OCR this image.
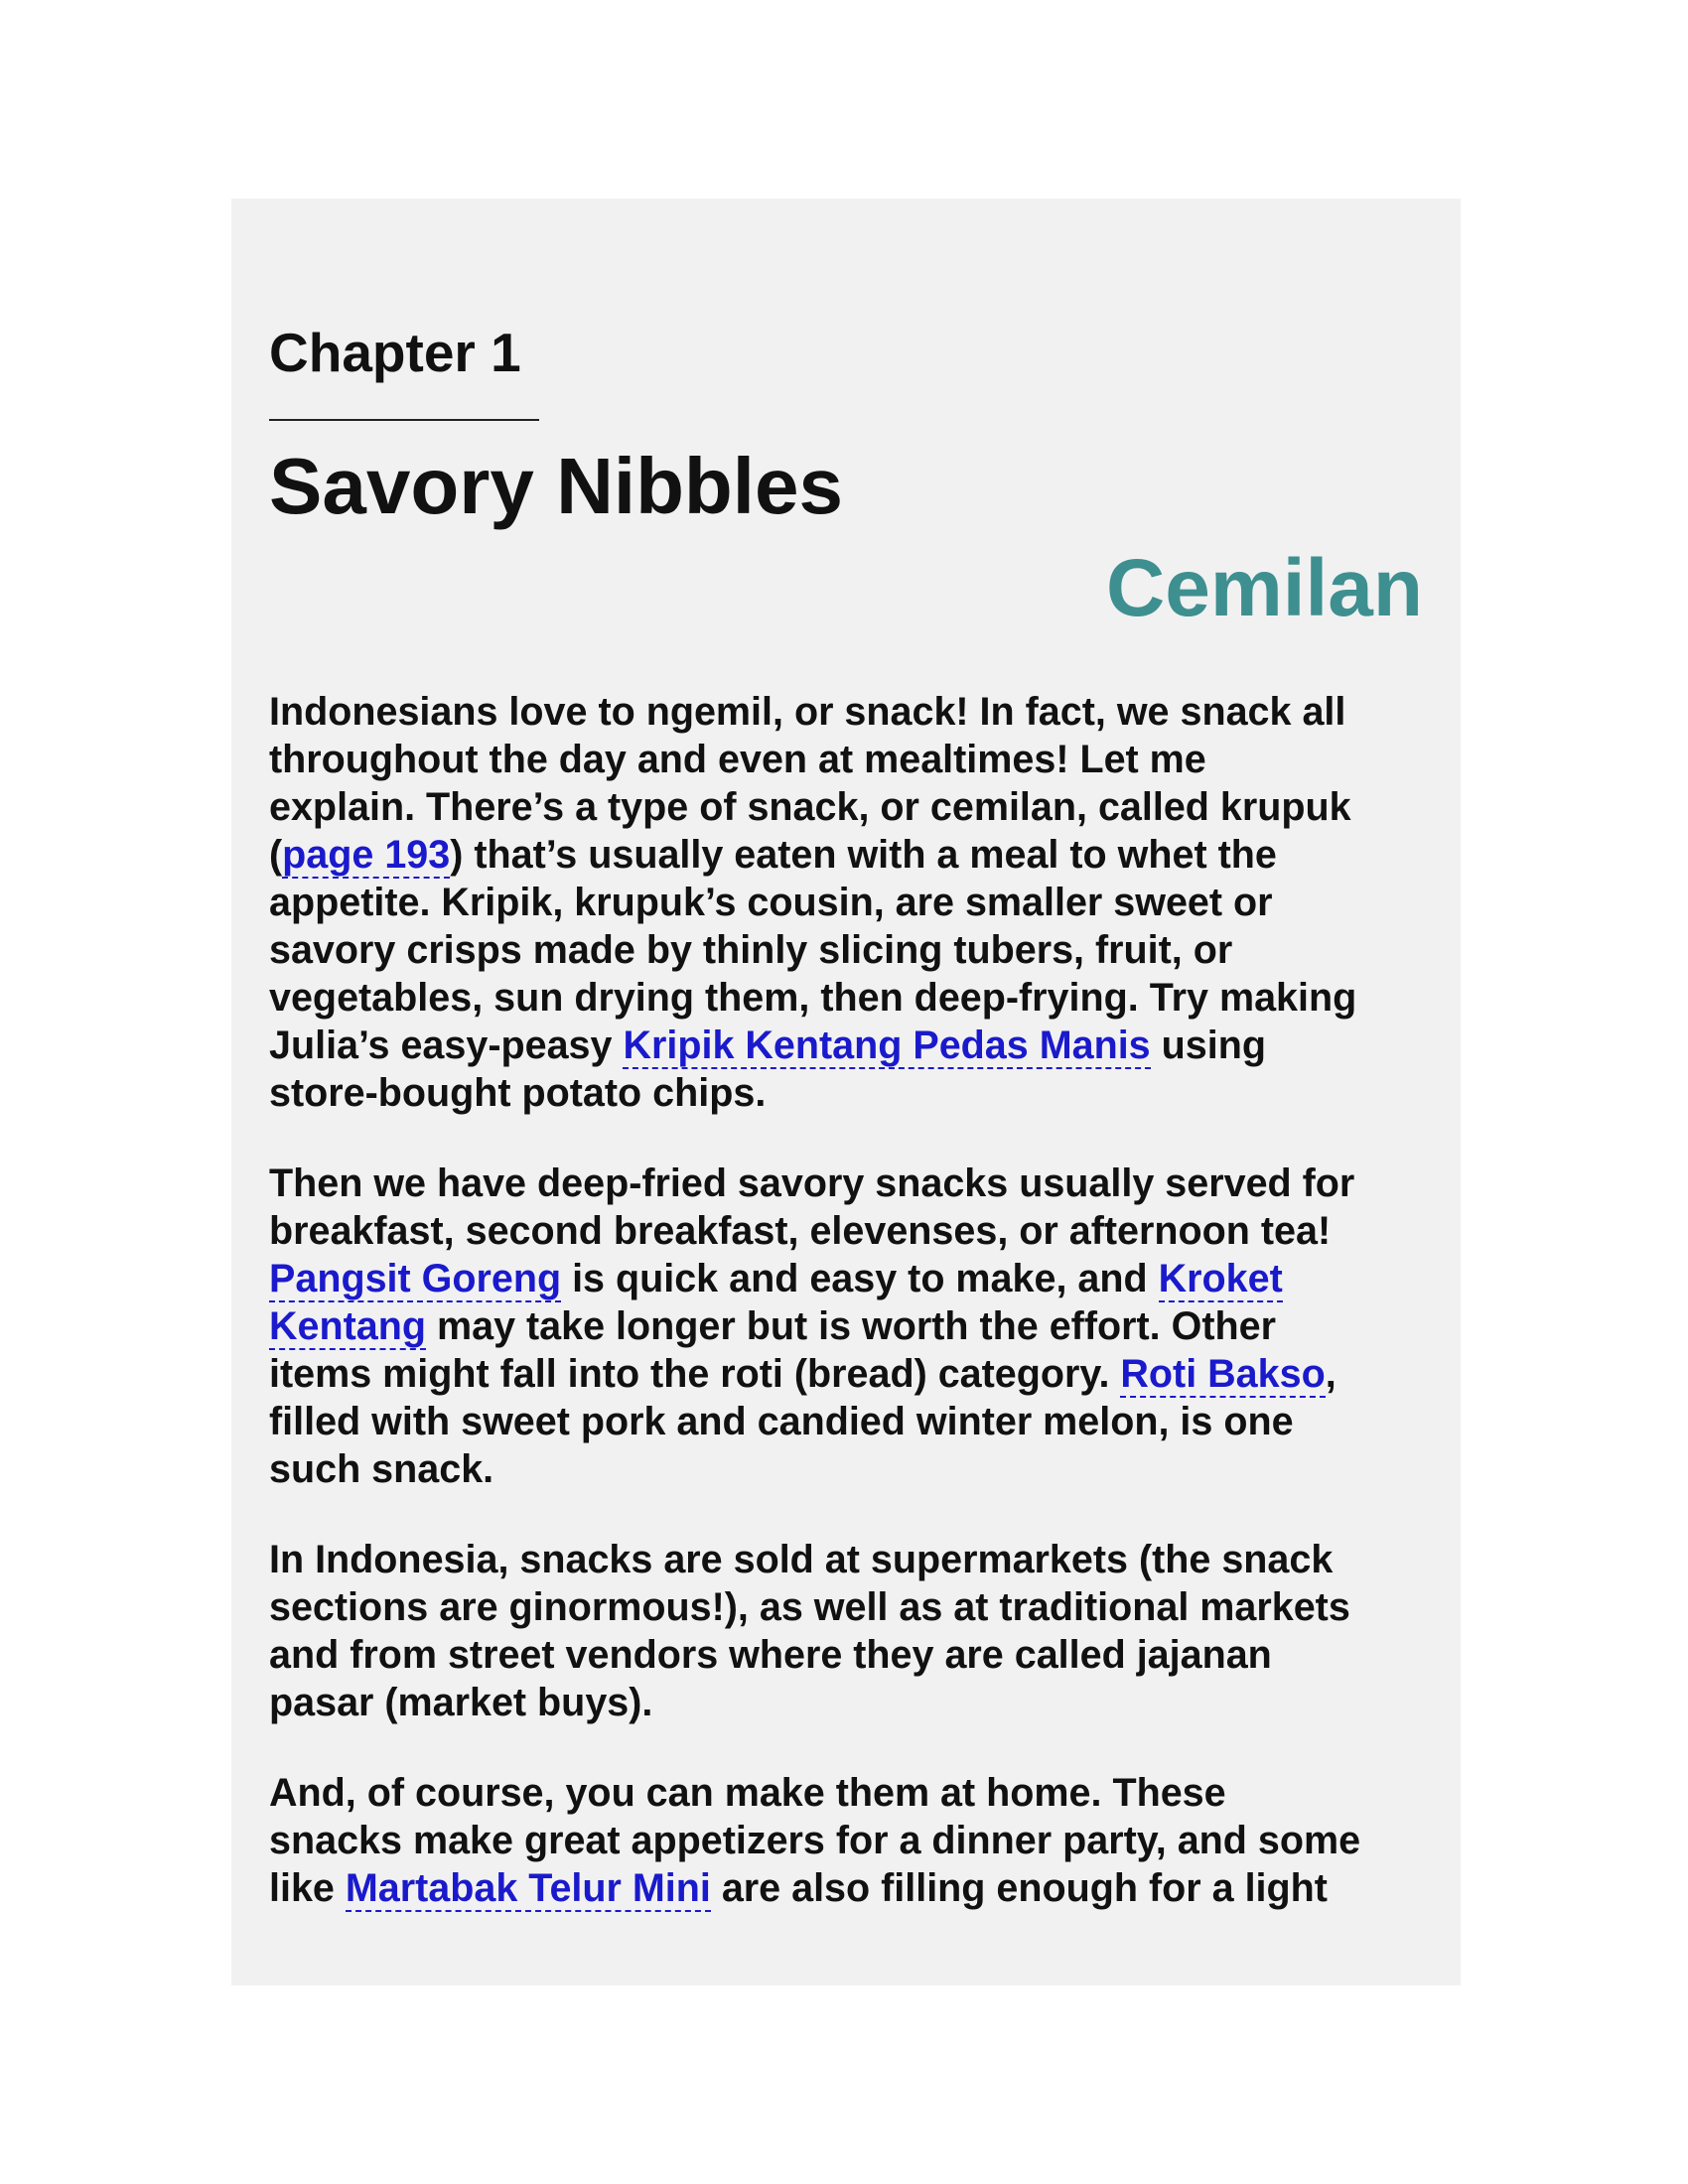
Chapter 1
Savory Nibbles
Cemilan

Indonesians love to ngemil, or snack! In fact, we snack all
throughout the day and even at mealtimes! Let me
explain. There’s a type of snack, or cemilan, called krupuk
(page 193) that’s usually eaten with a meal to whet the
appetite. Kripik, krupuk’s cousin, are smaller sweet or
savory crisps made by thinly slicing tubers, fruit, or
vegetables, sun drying them, then deep-frying. Try making
Julia’s easy-peasy Kripik Kentang Pedas Manis using
store-bought potato chips.

Then we have deep-fried savory snacks usually served for
breakfast, second breakfast, elevenses, or afternoon tea!
Pangsit Goreng is quick and easy to make, and Kroket
Kentang may take longer but is worth the effort. Other
items might fall into the roti (bread) category. Roti Bakso,
filled with sweet pork and candied winter melon, is one
such snack.

In Indonesia, snacks are sold at supermarkets (the snack
sections are ginormous!), as well as at traditional markets
and from street vendors where they are called jajanan
pasar (market buys).

And, of course, you can make them at home. These
snacks make great appetizers for a dinner party, and some
like Martabak Telur Mini are also filling enough for a light
